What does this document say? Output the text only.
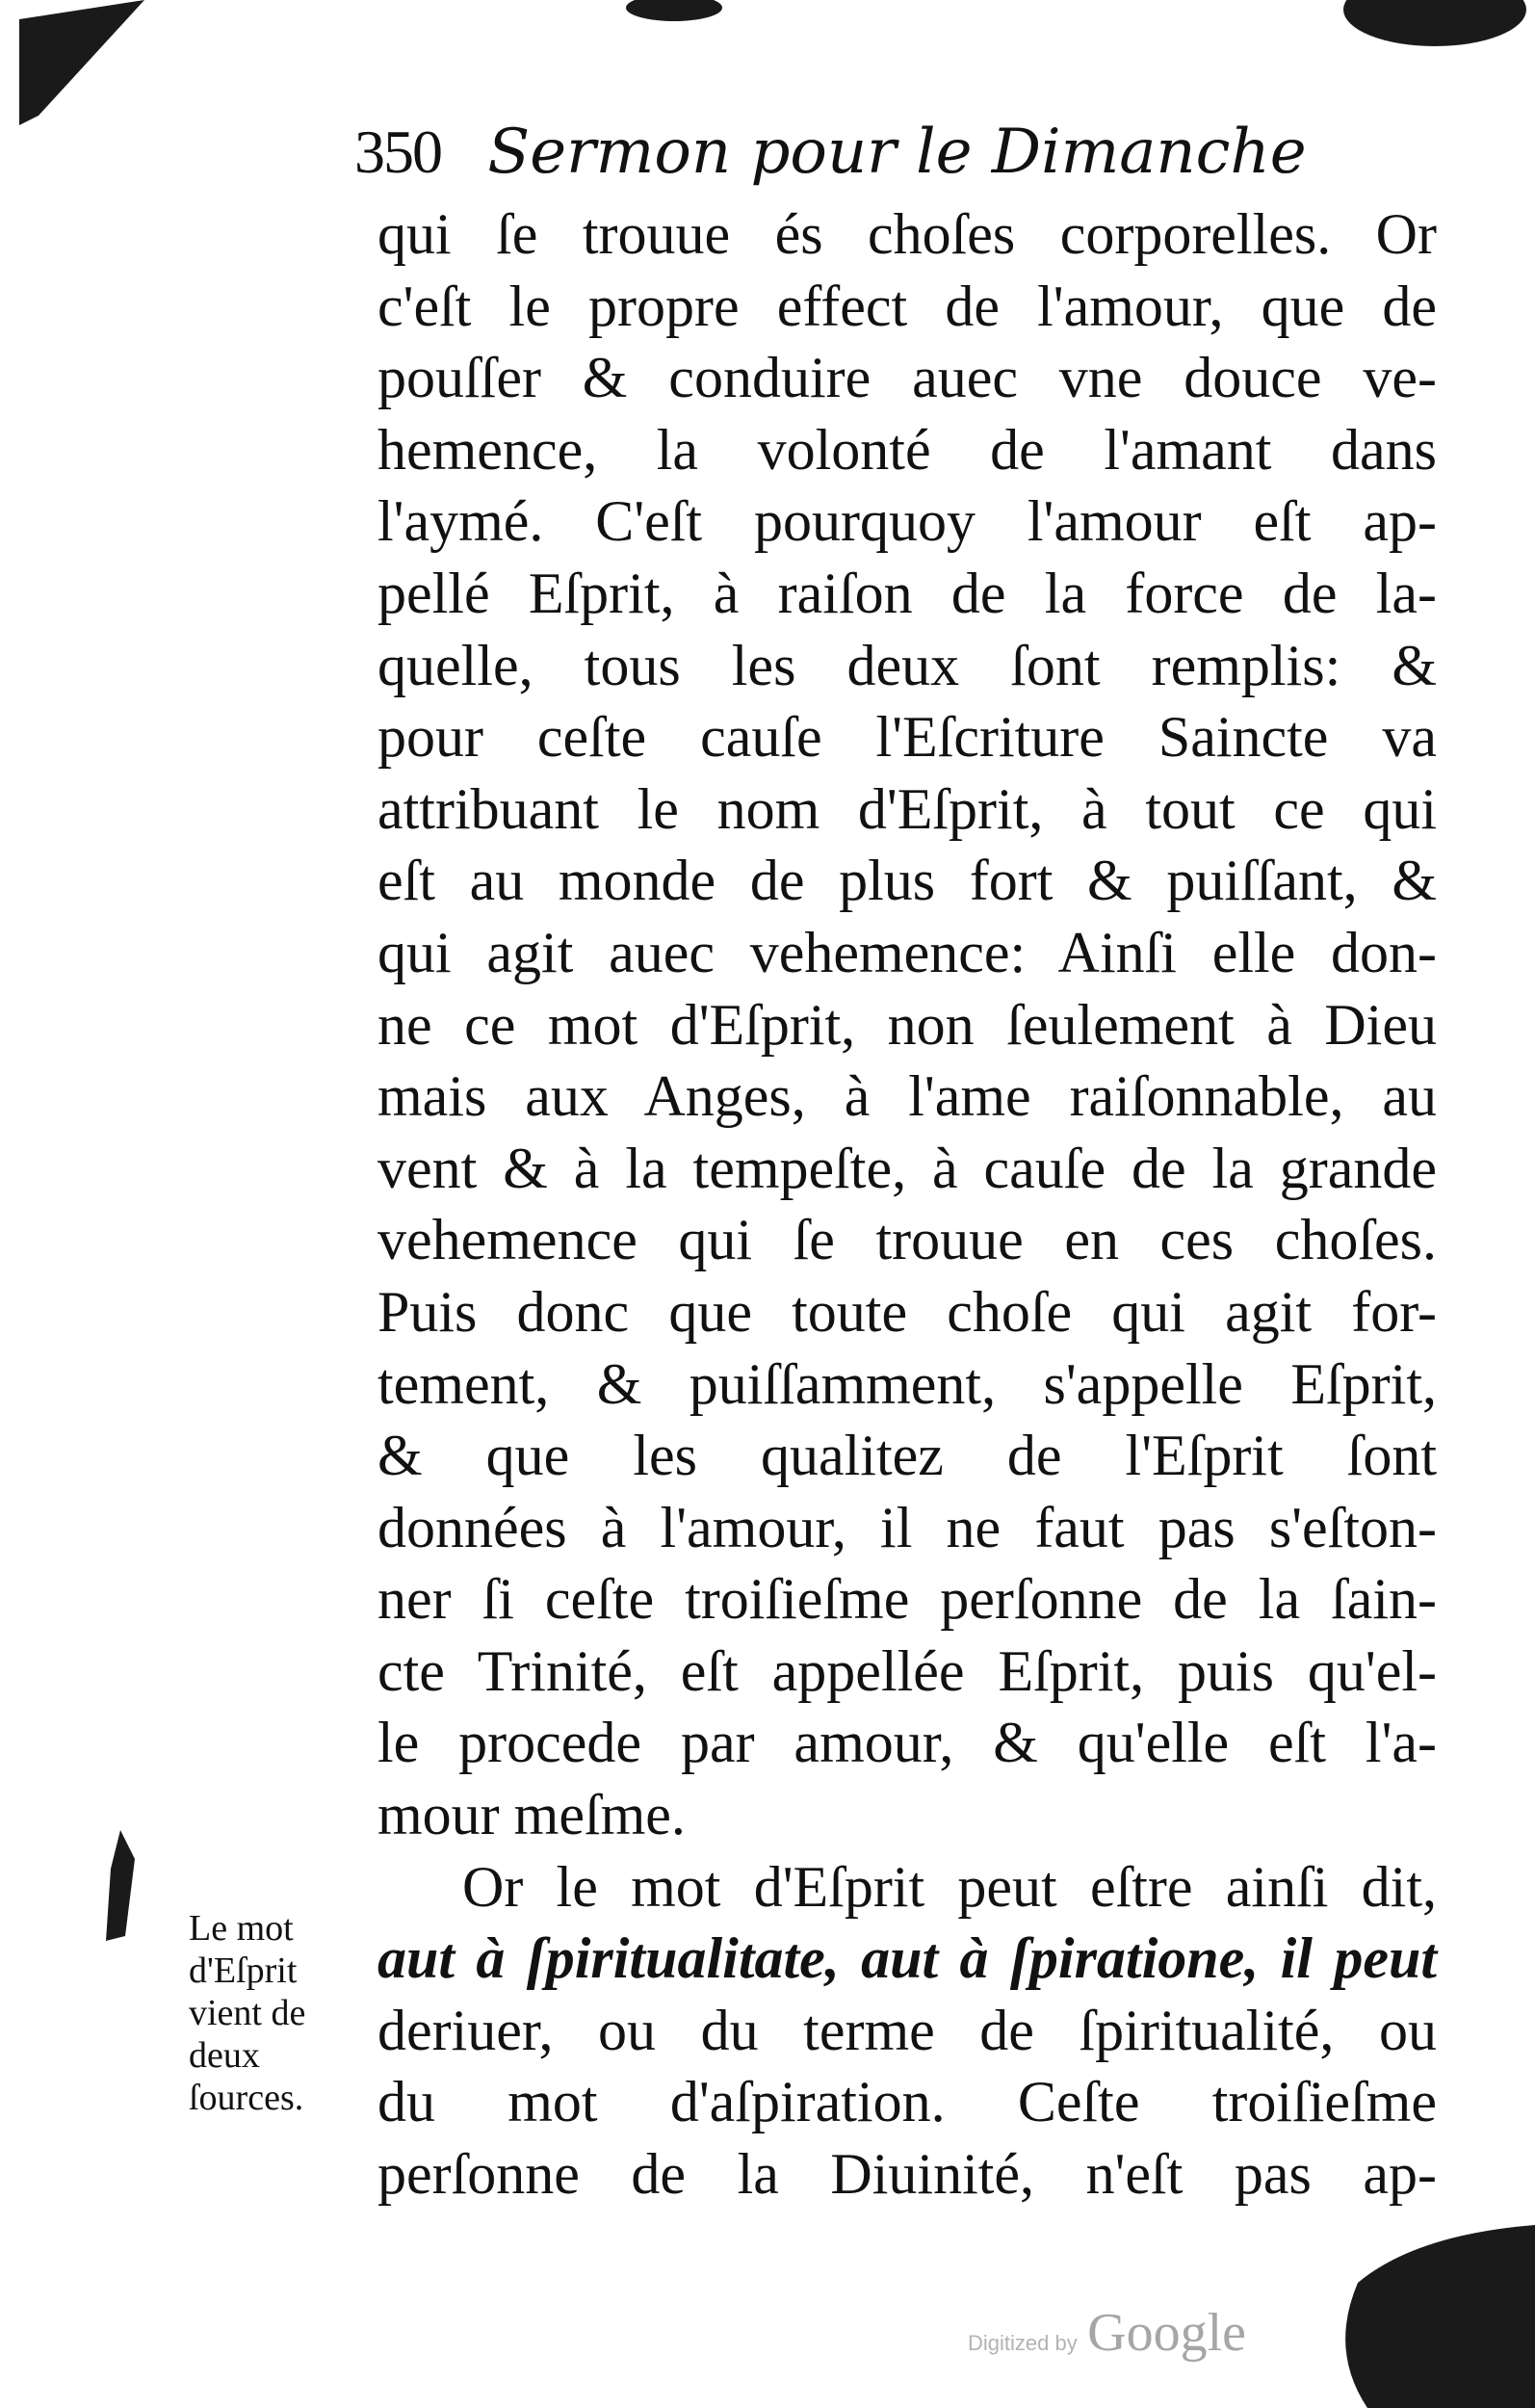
350 Sermon pour le Dimanche
qui ſe trouue és choſes corporelles. Or
c'eſt le propre effect de l'amour, que de
pouſſer & conduire auec vne douce ve-
hemence, la volonté de l'amant dans
l'aymé. C'eſt pourquoy l'amour eſt ap-
pellé Eſprit, à raiſon de la force de la-
quelle, tous les deux ſont remplis: &
pour ceſte cauſe l'Eſcriture Saincte va
attribuant le nom d'Eſprit, à tout ce qui
eſt au monde de plus fort & puiſſant, &
qui agit auec vehemence: Ainſi elle don-
ne ce mot d'Eſprit, non ſeulement à Dieu
mais aux Anges, à l'ame raiſonnable, au
vent & à la tempeſte, à cauſe de la grande
vehemence qui ſe trouue en ces choſes.
Puis donc que toute choſe qui agit for-
tement, & puiſſamment, s'appelle Eſprit,
& que les qualitez de l'Eſprit ſont
données à l'amour, il ne faut pas s'eſton-
ner ſi ceſte troiſieſme perſonne de la ſain-
cte Trinité, eſt appellée Eſprit, puis qu'el-
le procede par amour, & qu'elle eſt l'a-
mour meſme.
Or le mot d'Eſprit peut eſtre ainſi dit,
aut à ſpiritualitate, aut à ſpiratione, il peut
deriuer, ou du terme de ſpiritualité, ou
du mot d'aſpiration. Ceſte troiſieſme
perſonne de la Diuinité, n'eſt pas ap-
Le mot
d'Eſprit
vient de
deux
ſources.
Digitized by Google
